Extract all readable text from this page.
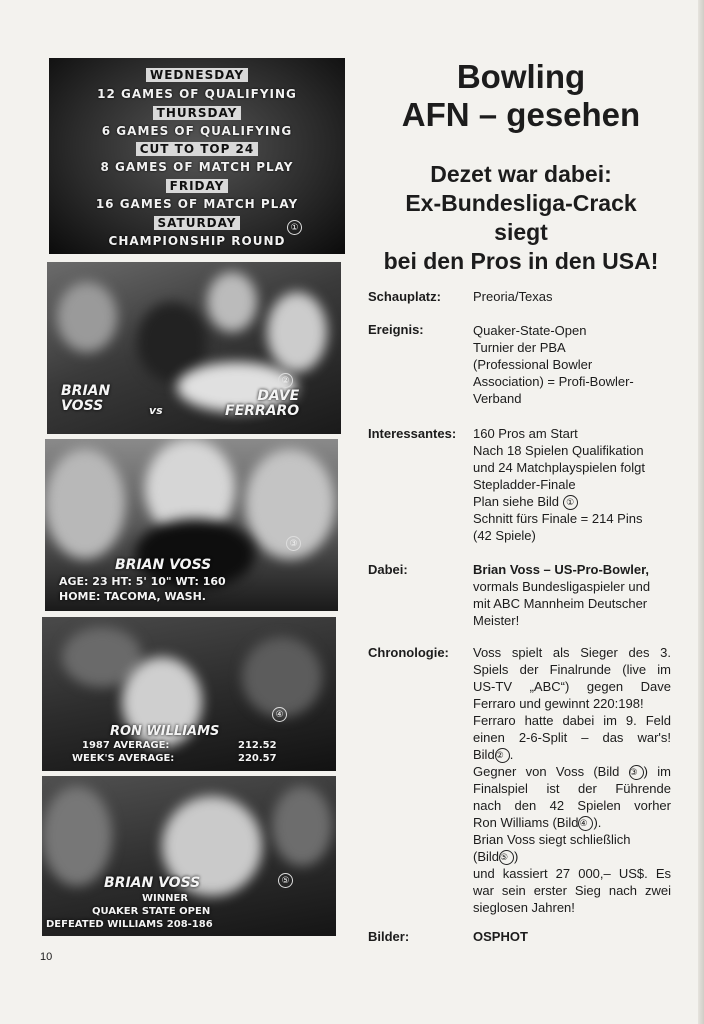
WEDNESDAY
12 GAMES OF QUALIFYING
THURSDAY
6 GAMES OF QUALIFYING
CUT TO TOP 24
8 GAMES OF MATCH PLAY
FRIDAY
16 GAMES OF MATCH PLAY
SATURDAY
CHAMPIONSHIP ROUND
①
BRIAN
VOSS	vs
DAVE
FERRARO
②
BRIAN VOSS
AGE: 23 HT: 5' 10" WT: 160
HOME: TACOMA, WASH.
③
RON WILLIAMS
1987 AVERAGE:	212.52
WEEK'S AVERAGE:	220.57
④
BRIAN VOSS
WINNER
QUAKER STATE OPEN
DEFEATED WILLIAMS 208-186
⑤
Bowling
AFN – gesehen
Dezet war dabei:
Ex-Bundesliga-Crack
siegt
bei den Pros in den USA!
Schauplatz: Preoria/Texas
Ereignis:	Quaker-State-Open
Turnier der PBA
(Professional Bowler
Association) = Profi-Bowler-
Verband
Interessantes: 160 Pros am Start
Nach 18 Spielen Qualifikation
und 24 Matchplayspielen folgt
Stepladder-Finale
Plan siehe Bild ①
Schnitt fürs Finale = 214 Pins
(42 Spiele)
Dabei:	Brian Voss – US-Pro-Bowler,
vormals Bundesligaspieler und
mit ABC Mannheim Deutscher
Meister!
Chronologie: Voss spielt als Sieger des 3.
Spiels der Finalrunde (live im
US-TV „ABC“) gegen Dave
Ferraro und gewinnt 220:198!
Ferraro hatte dabei im 9. Feld
einen 2-6-Split – das war's!
Bild② .
Gegner von Voss (Bild ③ ) im
Finalspiel ist der Führende
nach den 42 Spielen vorher
Ron Williams (Bild④ ).
Brian Voss siegt schließlich
(Bild⑤ )
und kassiert 27 000,– US$. Es
war sein erster Sieg nach zwei
sieglosen Jahren!
Bilder:	OSPHOT
10
